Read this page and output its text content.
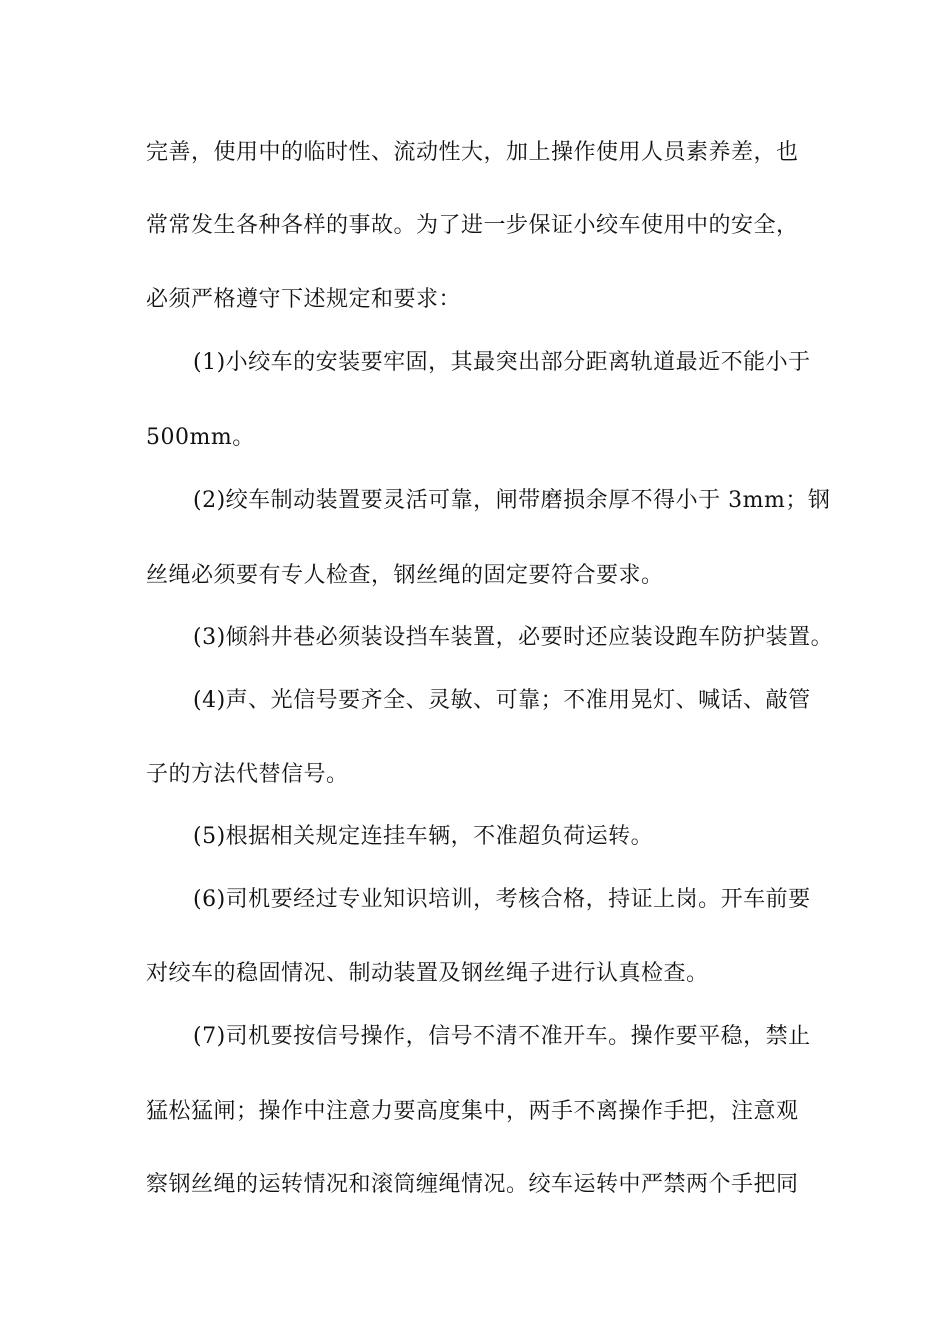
完善，使用中的临时性、流动性大，加上操作使用人员素养差，也
常常发生各种各样的事故。为了进一步保证小绞车使用中的安全，
必须严格遵守下述规定和要求：
(1)小绞车的安装要牢固，其最突出部分距离轨道最近不能小于
500mm。
(2)绞车制动装置要灵活可靠，闸带磨损余厚不得小于 3mm；钢
丝绳必须要有专人检查，钢丝绳的固定要符合要求。
(3)倾斜井巷必须装设挡车装置，必要时还应装设跑车防护装置。
(4)声、光信号要齐全、灵敏、可靠；不准用晃灯、喊话、敲管
子的方法代替信号。
(5)根据相关规定连挂车辆，不准超负荷运转。
(6)司机要经过专业知识培训，考核合格，持证上岗。开车前要
对绞车的稳固情况、制动装置及钢丝绳子进行认真检查。
(7)司机要按信号操作，信号不清不准开车。操作要平稳，禁止
猛松猛闸；操作中注意力要高度集中，两手不离操作手把，注意观
察钢丝绳的运转情况和滚筒缠绳情况。绞车运转中严禁两个手把同
